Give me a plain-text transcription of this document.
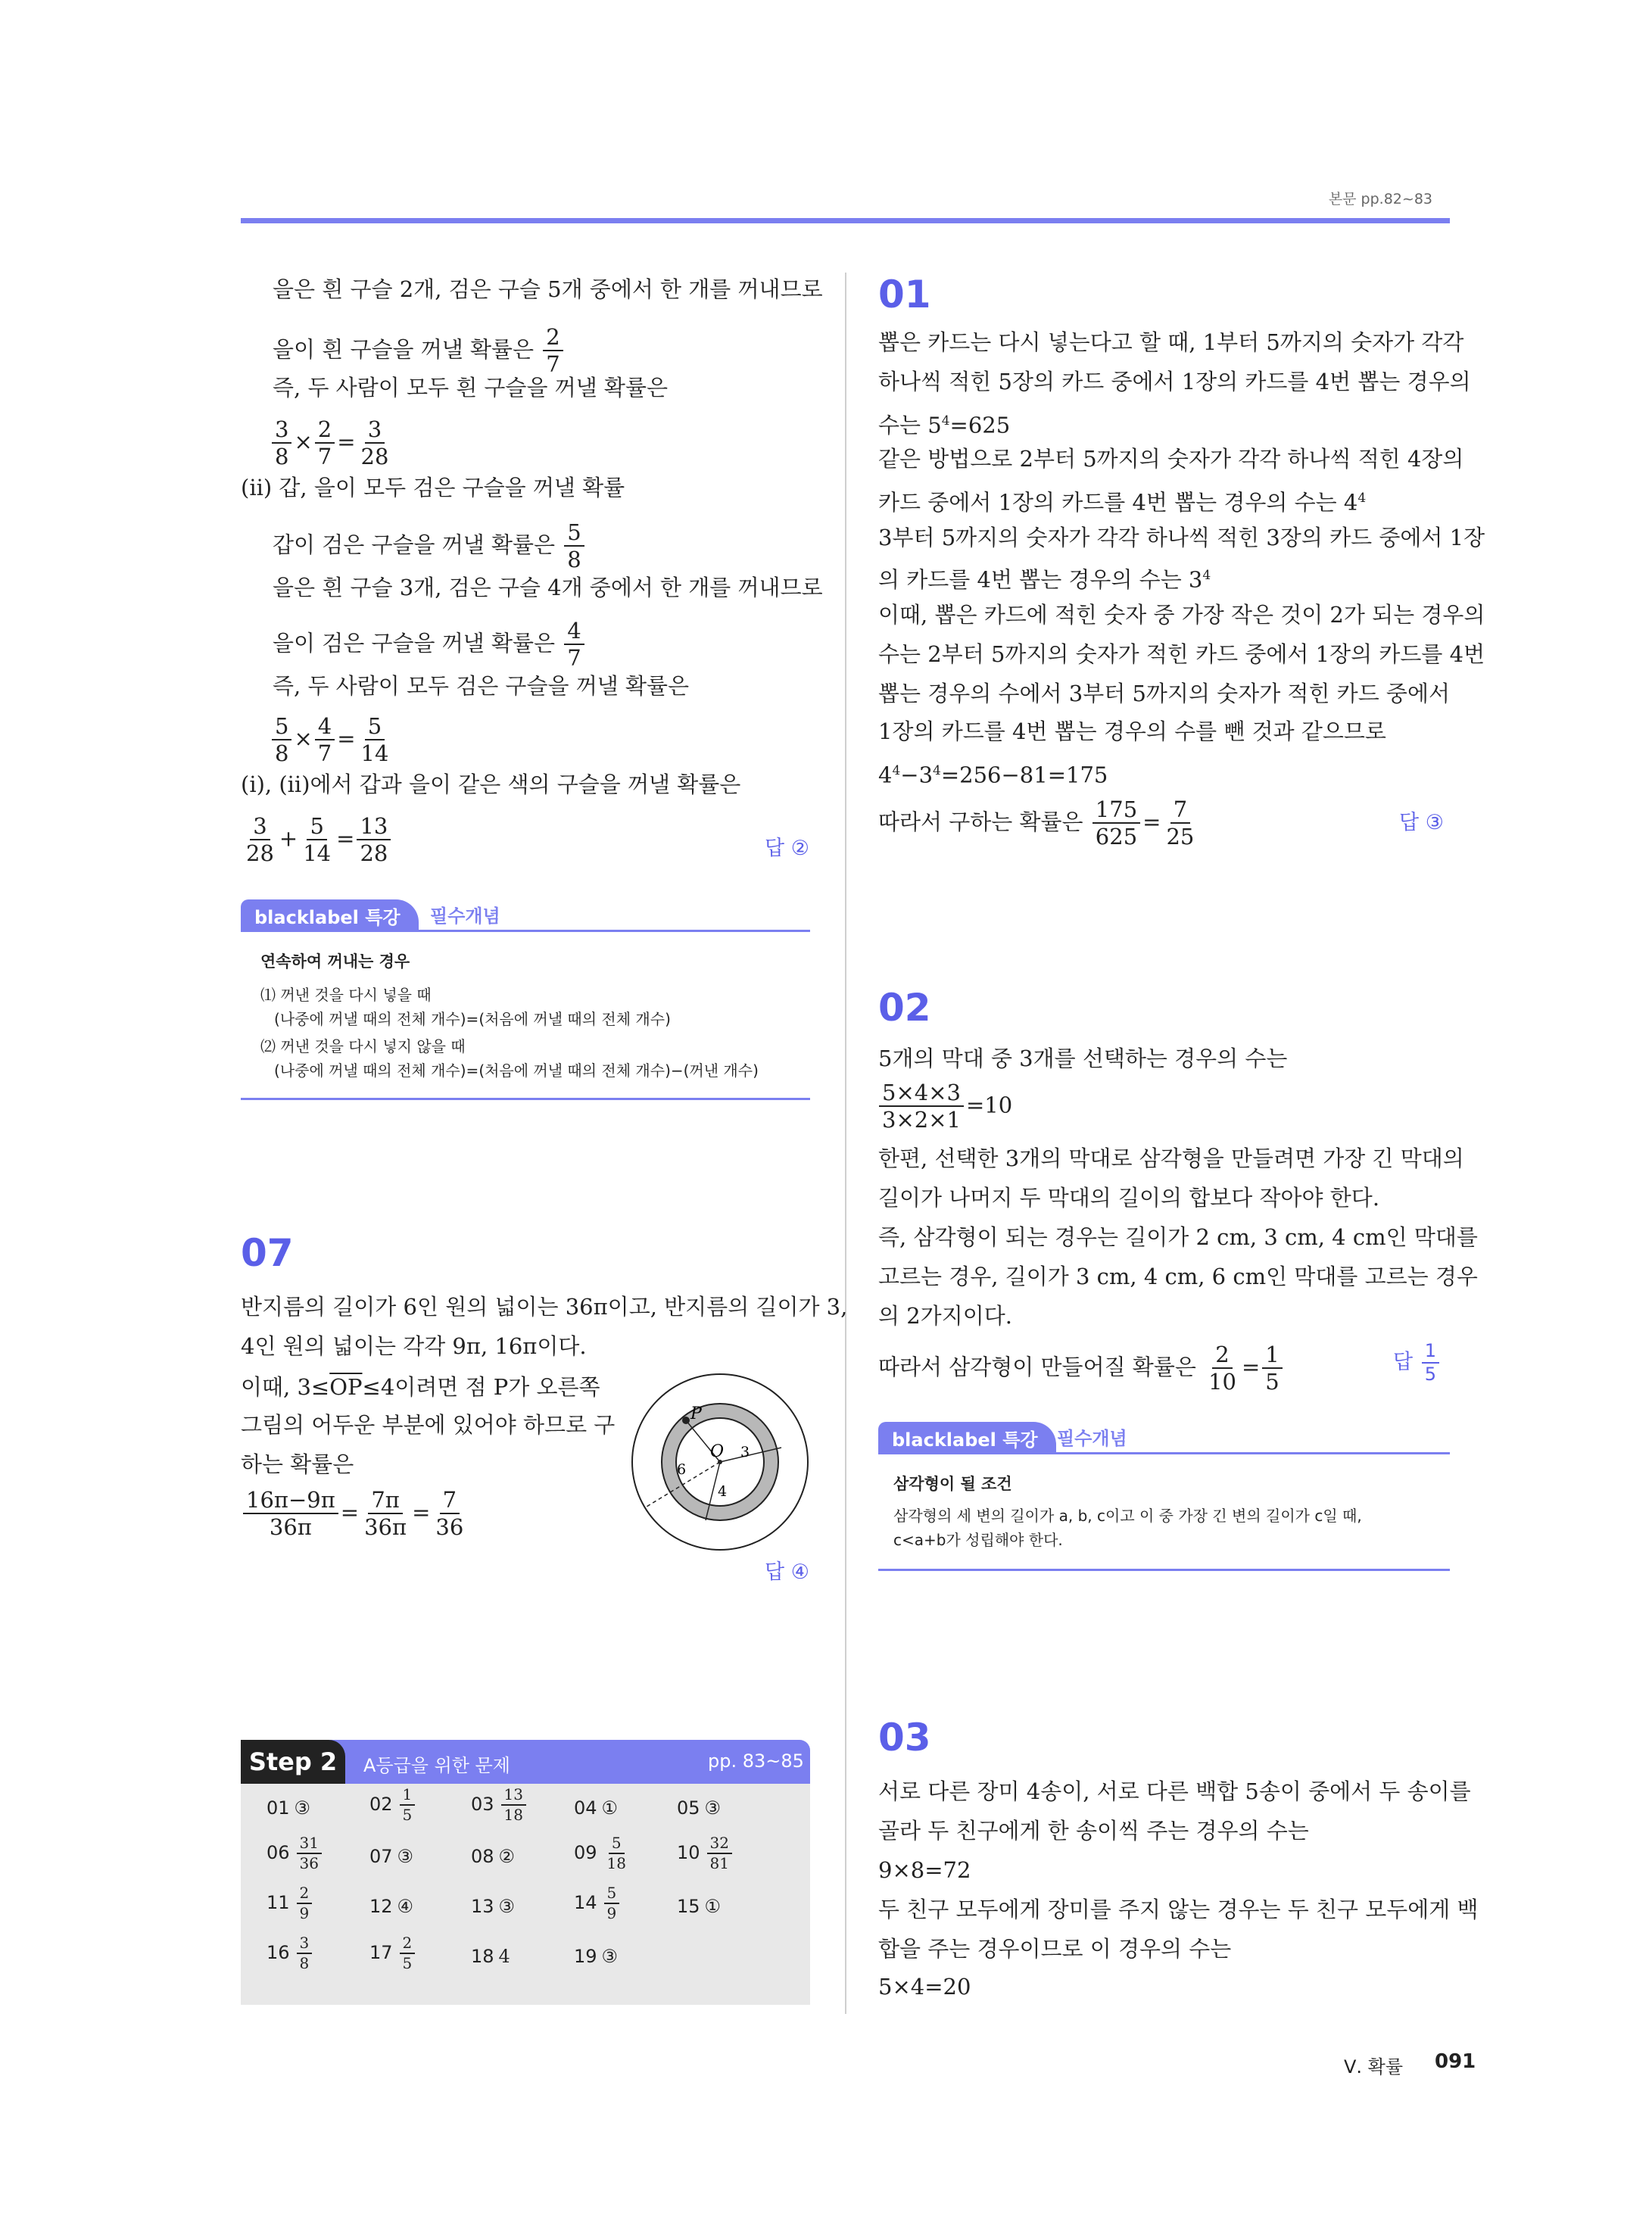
본문 pp.82~83
을은 흰 구슬 2개, 검은 구슬 5개 중에서 한 개를 꺼내므로
을이 흰 구슬을 꺼낼 확률은 $\frac{2}{7}$
즉, 두 사람이 모두 흰 구슬을 꺼낼 확률은
$\frac{3}{8} \times \frac{2}{7} = \frac{3}{28}$
(ⅱ) 갑, 을이 모두 검은 구슬을 꺼낼 확률
갑이 검은 구슬을 꺼낼 확률은 $\frac{5}{8}$
을은 흰 구슬 3개, 검은 구슬 4개 중에서 한 개를 꺼내므로
을이 검은 구슬을 꺼낼 확률은 $\frac{4}{7}$
즉, 두 사람이 모두 검은 구슬을 꺼낼 확률은
$\frac{5}{8} \times \frac{4}{7} = \frac{5}{14}$
(ⅰ), (ⅱ)에서 갑과 을이 같은 색의 구슬을 꺼낼 확률은
$\frac{3}{28} + \frac{5}{14} = \frac{13}{28}$	답 ②
blacklabel 특강	필수개념
연속하여 꺼내는 경우
⑴ 꺼낸 것을 다시 넣을 때
(나중에 꺼낼 때의 전체 개수)=(처음에 꺼낼 때의 전체 개수)
⑵ 꺼낸 것을 다시 넣지 않을 때
(나중에 꺼낼 때의 전체 개수)=(처음에 꺼낼 때의 전체 개수)−(꺼낸 개수)
07
반지름의 길이가 6인 원의 넓이는 36π이고, 반지름의 길이가 3,
4인 원의 넓이는 각각 9π, 16π이다.
이때, $3\le\overline{OP}\le 4$이려면 점 P가 오른쪽
그림의 어두운 부분에 있어야 하므로 구
하는 확률은
$\frac{16\pi-9\pi}{36\pi} = \frac{7\pi}{36\pi} = \frac{7}{36}$
P
O 3
4
6
답 ④
Step 2	A등급을 위한 문제	pp. 83~85
01 ③	$02 \frac{1}{5}$	$03 \frac{13}{18}$	04 ①	05 ③
$06 \frac{31}{36}$	07 ③	08 ②	$09 \frac{5}{18}$	$10 \frac{32}{81}$
$11 \frac{2}{9}$	12 ④	13 ③	$14 \frac{5}{9}$	15 ①
$16 \frac{3}{8}$	$17 \frac{2}{5}$	18 4	19 ③
01
뽑은 카드는 다시 넣는다고 할 때, 1부터 5까지의 숫자가 각각
하나씩 적힌 5장의 카드 중에서 1장의 카드를 4번 뽑는 경우의
수는 $5^4=625$
같은 방법으로 2부터 5까지의 숫자가 각각 하나씩 적힌 4장의
카드 중에서 1장의 카드를 4번 뽑는 경우의 수는 $4^4$
3부터 5까지의 숫자가 각각 하나씩 적힌 3장의 카드 중에서 1장
의 카드를 4번 뽑는 경우의 수는 $3^4$
이때, 뽑은 카드에 적힌 숫자 중 가장 작은 것이 2가 되는 경우의
수는 2부터 5까지의 숫자가 적힌 카드 중에서 1장의 카드를 4번
뽑는 경우의 수에서 3부터 5까지의 숫자가 적힌 카드 중에서
1장의 카드를 4번 뽑는 경우의 수를 뺀 것과 같으므로
$4^4-3^4=256-81=175$
따라서 구하는 확률은 $\frac{175}{625} = \frac{7}{25}$	답 ③
02
5개의 막대 중 3개를 선택하는 경우의 수는
$\frac{5\times 4\times 3}{3\times 2\times 1} =10$
한편, 선택한 3개의 막대로 삼각형을 만들려면 가장 긴 막대의
길이가 나머지 두 막대의 길이의 합보다 작아야 한다.
즉, 삼각형이 되는 경우는 길이가 2 cm, 3 cm, 4 cm인 막대를
고르는 경우, 길이가 3 cm, 4 cm, 6 cm인 막대를 고르는 경우
의 2가지이다.
따라서 삼각형이 만들어질 확률은 $\frac{2}{10} = \frac{1}{5}$	답 $\frac{1}{5}$
blacklabel 특강	필수개념
삼각형이 될 조건
삼각형의 세 변의 길이가 a, b, c이고 이 중 가장 긴 변의 길이가 c일 때,
c<a+b가 성립해야 한다.
03
서로 다른 장미 4송이, 서로 다른 백합 5송이 중에서 두 송이를
골라 두 친구에게 한 송이씩 주는 경우의 수는
9×8=72
두 친구 모두에게 장미를 주지 않는 경우는 두 친구 모두에게 백
합을 주는 경우이므로 이 경우의 수는
5×4=20
Ⅴ. 확률 091
